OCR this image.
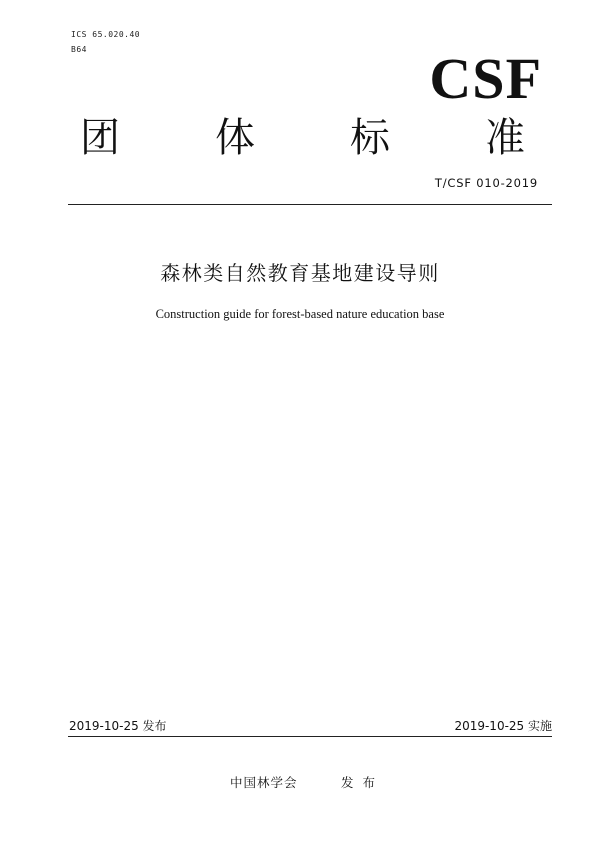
ICS 65.020.40
B64	CSF
团 体 标 准
T/CSF 010-2019
森林类自然教育基地建设导则
Construction guide for forest-based nature education base
2019-10-25 发布	2019-10-25 实施
中国林学会	发布
